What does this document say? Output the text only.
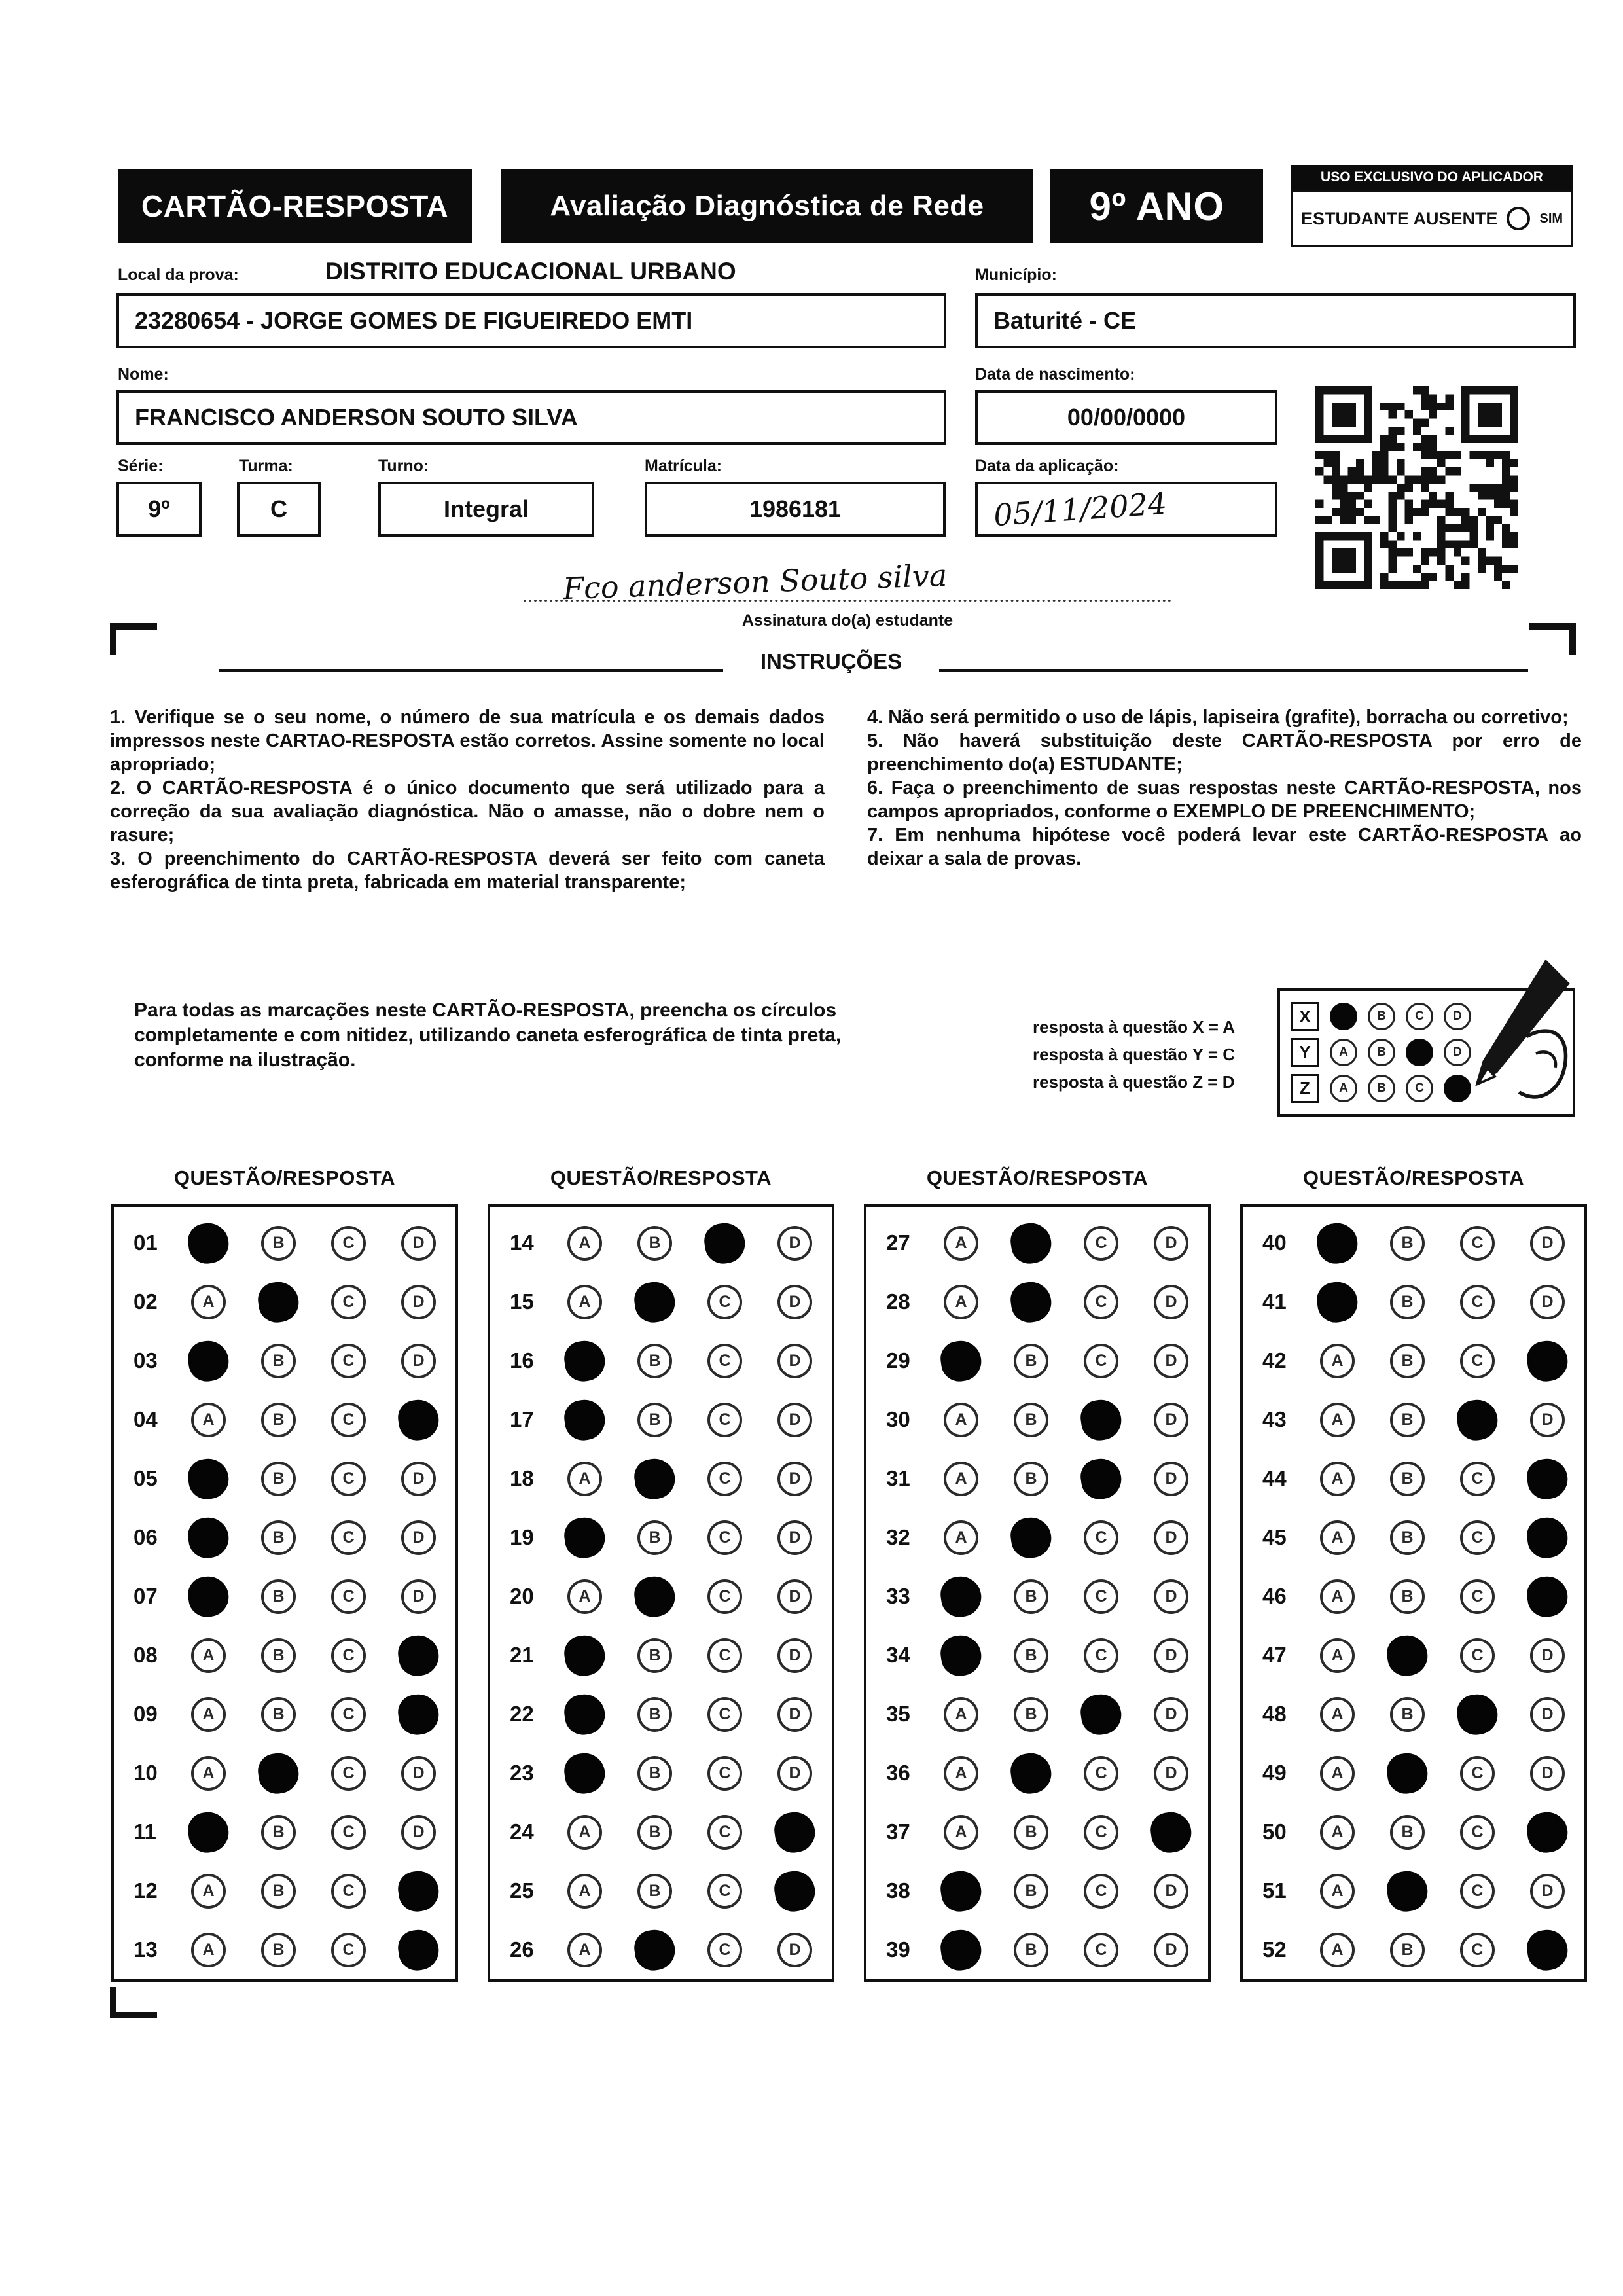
CARTÃO-RESPOSTA	Avaliação Diagnóstica de Rede	9º ANO
USO EXCLUSIVO DO APLICADOR
ESTUDANTE AUSENTE	SIM
Local da prova:	DISTRITO EDUCACIONAL URBANO	Município:
23280654 - JORGE GOMES DE FIGUEIREDO EMTI	Baturité - CE
Nome:	Data de nascimento:
FRANCISCO ANDERSON SOUTO SILVA	00/00/0000
Série:	Turma:	Turno:	Matrícula:	Data da aplicação:
9º	C	Integral	1986181	05/11/2024
Fco anderson Souto silva
Assinatura do(a) estudante
INSTRUÇÕES

1. Verifique se o seu nome, o número de sua matrícula e os demais dados impressos neste CARTAO-RESPOSTA estão corretos. Assine somente no local apropriado;

2. O CARTÃO-RESPOSTA é o único documento que será utilizado para a correção da sua avaliação diagnóstica. Não o amasse, não o dobre nem o rasure;

3. O preenchimento do CARTÃO-RESPOSTA deverá ser feito com caneta esferográfica de tinta preta, fabricada em material transparente;

4. Não será permitido o uso de lápis, lapiseira (grafite), borracha ou corretivo;

5. Não haverá substituição deste CARTÃO-RESPOSTA por erro de preenchimento do(a) ESTUDANTE;

6. Faça o preenchimento de suas respostas neste CARTÃO-RESPOSTA, nos campos apropriados, conforme o EXEMPLO DE PREENCHIMENTO;

7. Em nenhuma hipótese você poderá levar este CARTÃO-RESPOSTA ao deixar a sala de provas.

Para todas as marcações neste CARTÃO-RESPOSTA, preencha os círculos completamente e com nitidez, utilizando caneta esferográfica de tinta preta, conforme na ilustração.

resposta à questão X = A

resposta à questão Y = C

resposta à questão Z = D

X	B	C	D
Y	A	B	D
Z	A	B	C
QUESTÃO/RESPOSTA	QUESTÃO/RESPOSTA	QUESTÃO/RESPOSTA	QUESTÃO/RESPOSTA
01	B	C	D
02	A	C	D
03	B	C	D
04	A	B	C
05	B	C	D
06	B	C	D
07	B	C	D
08	A	B	C
09	A	B	C
10	A	C	D
11	B	C	D
12	A	B	C
13	A	B	C
14	A	B	D
15	A	C	D
16	B	C	D
17	B	C	D
18	A	C	D
19	B	C	D
20	A	C	D
21	B	C	D
22	B	C	D
23	B	C	D
24	A	B	C
25	A	B	C
26	A	C	D
27	A	C	D
28	A	C	D
29	B	C	D
30	A	B	D
31	A	B	D
32	A	C	D
33	B	C	D
34	B	C	D
35	A	B	D
36	A	C	D
37	A	B	C
38	B	C	D
39	B	C	D
40	B	C	D
41	B	C	D
42	A	B	C
43	A	B	D
44	A	B	C
45	A	B	C
46	A	B	C
47	A	C	D
48	A	B	D
49	A	C	D
50	A	B	C
51	A	C	D
52	A	B	C
